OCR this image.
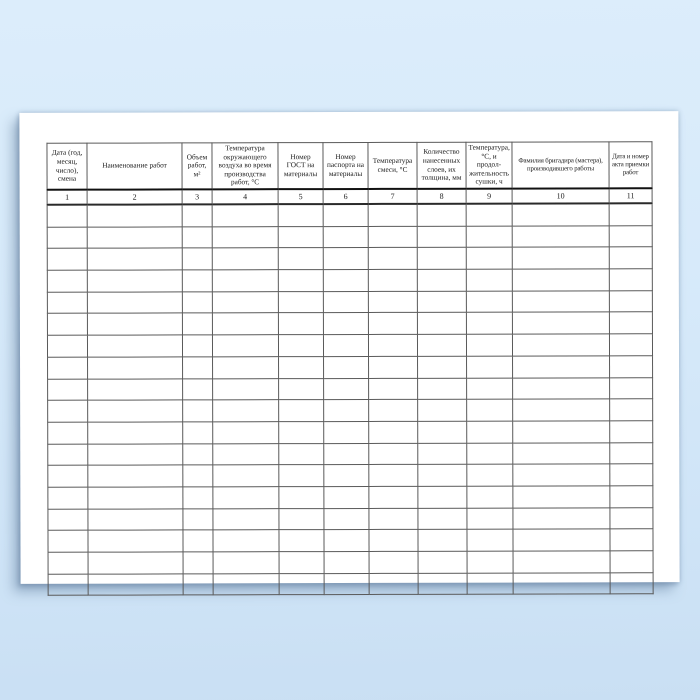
Дата (год, месяц, число), смена	Наименование работ	Объем работ, м²	Температура окружающего воздуха во время производства работ, °С	Номер ГОСТ на материалы	Номер паспорта на материалы	Температура смеси, °С	Количество нанесенных слоев, их толщина, мм	Температура, °С, и продол-жительность сушки, ч	Фамилия бригадира (мастера), производившего работы	Дата и номер акта приемки работ
1	2	3	4	5	6	7	8	9	10	11
